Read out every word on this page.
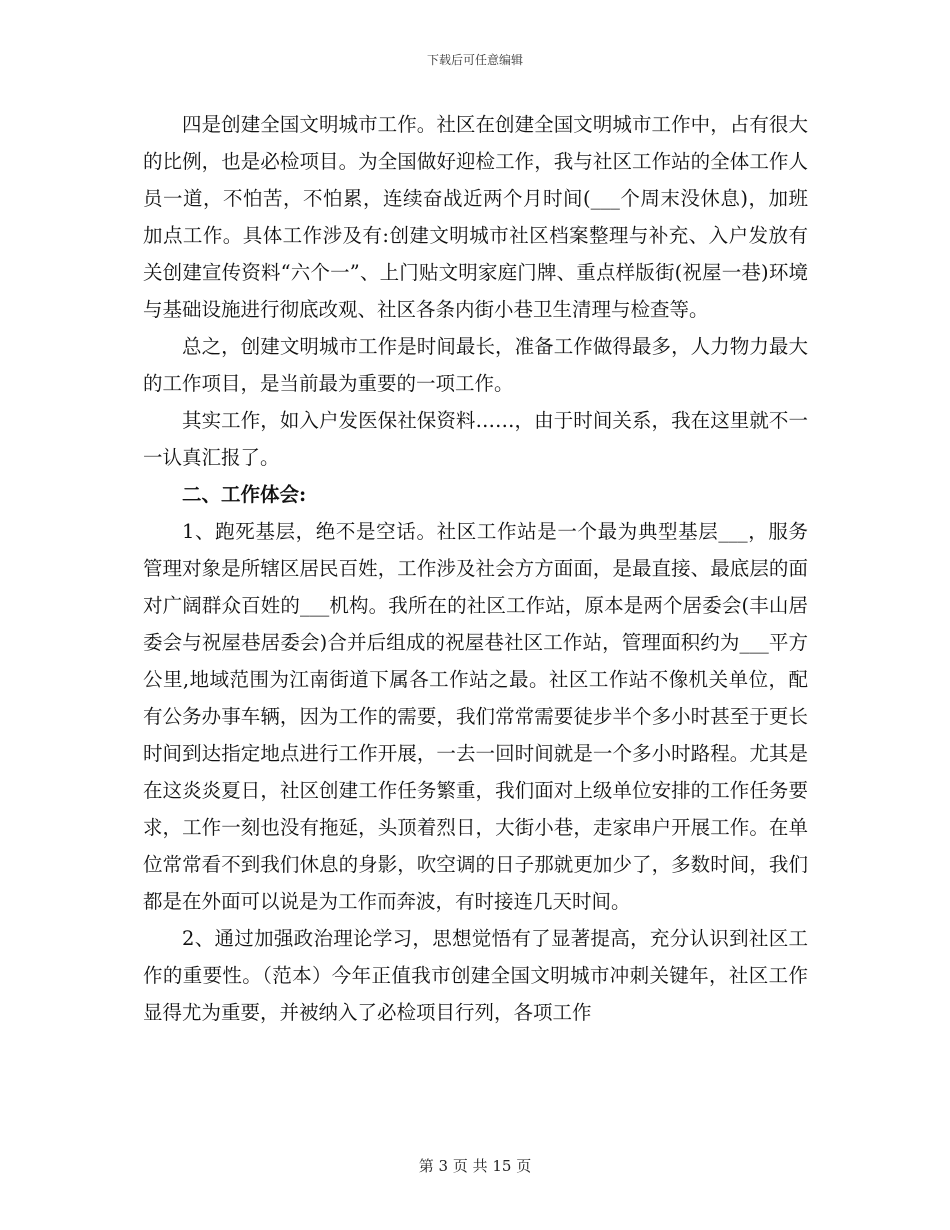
下载后可任意编辑

四是创建全国文明城市工作。社区在创建全国文明城市工作中，占有很大的比例，也是必检项目。为全国做好迎检工作，我与社区工作站的全体工作人员一道，不怕苦，不怕累，连续奋战近两个月时间(___个周末没休息)，加班加点工作。具体工作涉及有:创建文明城市社区档案整理与补充、入户发放有关创建宣传资料“六个一”、上门贴文明家庭门牌、重点样版街(祝屋一巷)环境与基础设施进行彻底改观、社区各条内街小巷卫生清理与检查等。

总之，创建文明城市工作是时间最长，准备工作做得最多，人力物力最大的工作项目，是当前最为重要的一项工作。

其实工作，如入户发医保社保资料……，由于时间关系，我在这里就不一一认真汇报了。

二、工作体会:

1、跑死基层，绝不是空话。社区工作站是一个最为典型基层___，服务管理对象是所辖区居民百姓，工作涉及社会方方面面，是最直接、最底层的面对广阔群众百姓的___机构。我所在的社区工作站，原本是两个居委会(丰山居委会与祝屋巷居委会)合并后组成的祝屋巷社区工作站，管理面积约为___平方公里,地域范围为江南街道下属各工作站之最。社区工作站不像机关单位，配有公务办事车辆，因为工作的需要，我们常常需要徒步半个多小时甚至于更长时间到达指定地点进行工作开展，一去一回时间就是一个多小时路程。尤其是在这炎炎夏日，社区创建工作任务繁重，我们面对上级单位安排的工作任务要求，工作一刻也没有拖延，头顶着烈日，大街小巷，走家串户开展工作。在单位常常看不到我们休息的身影，吹空调的日子那就更加少了，多数时间，我们都是在外面可以说是为工作而奔波，有时接连几天时间。

2、通过加强政治理论学习，思想觉悟有了显著提高，充分认识到社区工作的重要性。（范本）今年正值我市创建全国文明城市冲刺关键年，社区工作显得尤为重要，并被纳入了必检项目行列，各项工作

第 3 页 共 15 页
